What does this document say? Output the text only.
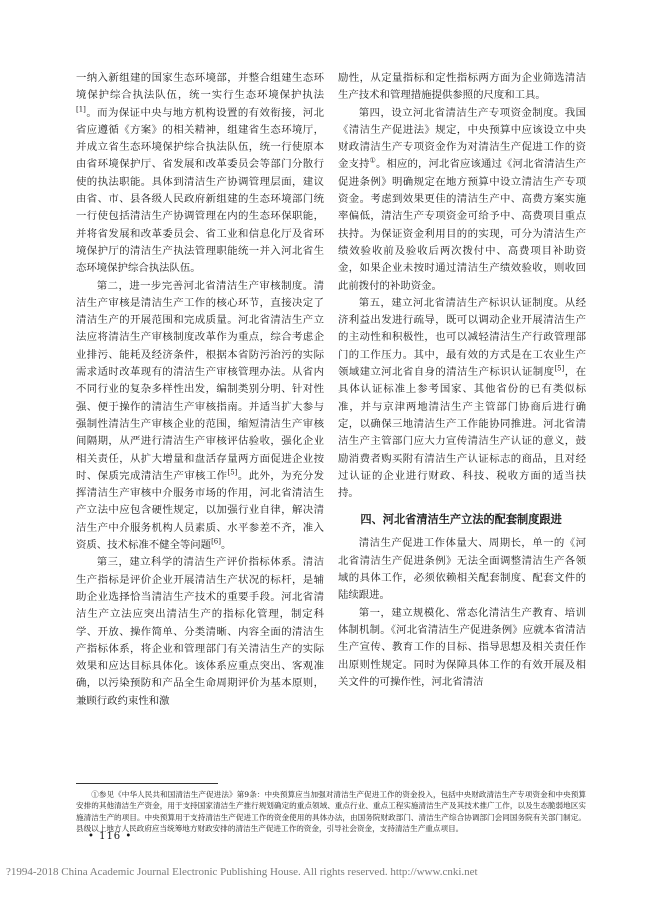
一纳入新组建的国家生态环境部，并整合组建生态环境保护综合执法队伍，统一实行生态环境保护执法[1]。而为保证中央与地方机构设置的有效衔接，河北省应遵循《方案》的相关精神，组建省生态环境厅，并成立省生态环境保护综合执法队伍，统一行使原本由省环境保护厅、省发展和改革委员会等部门分散行使的执法职能。具体到清洁生产协调管理层面，建议由省、市、县各级人民政府新组建的生态环境部门统一行使包括清洁生产协调管理在内的生态环保职能，并将省发展和改革委员会、省工业和信息化厅及省环境保护厅的清洁生产执法管理职能统一并入河北省生态环境保护综合执法队伍。

第二，进一步完善河北省清洁生产审核制度。清洁生产审核是清洁生产工作的核心环节，直接决定了清洁生产的开展范围和完成质量。河北省清洁生产立法应将清洁生产审核制度改革作为重点，综合考虑企业排污、能耗及经济条件，根据本省防污治污的实际需求适时改革现有的清洁生产审核管理办法。从省内不同行业的复杂多样性出发，编制类别分明、针对性强、便于操作的清洁生产审核指南。并适当扩大参与强制性清洁生产审核企业的范围，缩短清洁生产审核间隔期，从严进行清洁生产审核评估验收，强化企业相关责任，从扩大增量和盘活存量两方面促进企业按时、保质完成清洁生产审核工作[5]。此外，为充分发挥清洁生产审核中介服务市场的作用，河北省清洁生产立法中应包含硬性规定，以加强行业自律，解决清洁生产中介服务机构人员素质、水平参差不齐，准入资质、技术标准不健全等问题[6]。

第三，建立科学的清洁生产评价指标体系。清洁生产指标是评价企业开展清洁生产状况的标杆，是辅助企业选择恰当清洁生产技术的重要手段。河北省清洁生产立法应突出清洁生产的指标化管理，制定科学、开放、操作简单、分类清晰、内容全面的清洁生产指标体系，将企业和管理部门有关清洁生产的实际效果和应达目标具体化。该体系应重点突出、客观准确，以污染预防和产品全生命周期评价为基本原则，兼顾行政约束性和激

励性，从定量指标和定性指标两方面为企业筛选清洁生产技术和管理措施提供参照的尺度和工具。

第四，设立河北省清洁生产专项资金制度。我国《清洁生产促进法》规定，中央预算中应该设立中央财政清洁生产专项资金作为对清洁生产促进工作的资金支持①。相应的，河北省应该通过《河北省清洁生产促进条例》明确规定在地方预算中设立清洁生产专项资金。考虑到效果更佳的清洁生产中、高费方案实施率偏低，清洁生产专项资金可给予中、高费项目重点扶持。为保证资金利用目的的实现，可分为清洁生产绩效验收前及验收后两次拨付中、高费项目补助资金，如果企业未按时通过清洁生产绩效验收，则收回此前拨付的补助资金。

第五，建立河北省清洁生产标识认证制度。从经济利益出发进行疏导，既可以调动企业开展清洁生产的主动性和积极性，也可以减轻清洁生产行政管理部门的工作压力。其中，最有效的方式是在工农业生产领域建立河北省自身的清洁生产标识认证制度[5]，在具体认证标准上参考国家、其他省份的已有类似标准，并与京津两地清洁生产主管部门协商后进行确定，以确保三地清洁生产工作能协同推进。河北省清洁生产主管部门应大力宣传清洁生产认证的意义，鼓励消费者购买附有清洁生产认证标志的商品，且对经过认证的企业进行财政、科技、税收方面的适当扶持。

四、河北省清洁生产立法的配套制度跟进

清洁生产促进工作体量大、周期长，单一的《河北省清洁生产促进条例》无法全面调整清洁生产各领域的具体工作，必须依赖相关配套制度、配套文件的陆续跟进。

第一，建立规模化、常态化清洁生产教育、培训体制机制。《河北省清洁生产促进条例》应就本省清洁生产宣传、教育工作的目标、指导思想及相关责任作出原则性规定。同时为保障具体工作的有效开展及相关文件的可操作性，河北省清洁

①参见《中华人民共和国清洁生产促进法》第9条：中央预算应当加强对清洁生产促进工作的资金投入，包括中央财政清洁生产专项资金和中央预算安排的其他清洁生产资金，用于支持国家清洁生产推行规划确定的重点领域、重点行业、重点工程实施清洁生产及其技术推广工作，以及生态脆弱地区实施清洁生产的项目。中央预算用于支持清洁生产促进工作的资金使用的具体办法，由国务院财政部门、清洁生产综合协调部门会同国务院有关部门制定。县级以上地方人民政府应当统筹地方财政安排的清洁生产促进工作的资金，引导社会资金，支持清洁生产重点项目。
• 116 •
?1994-2018 China Academic Journal Electronic Publishing House. All rights reserved. http://www.cnki.net
